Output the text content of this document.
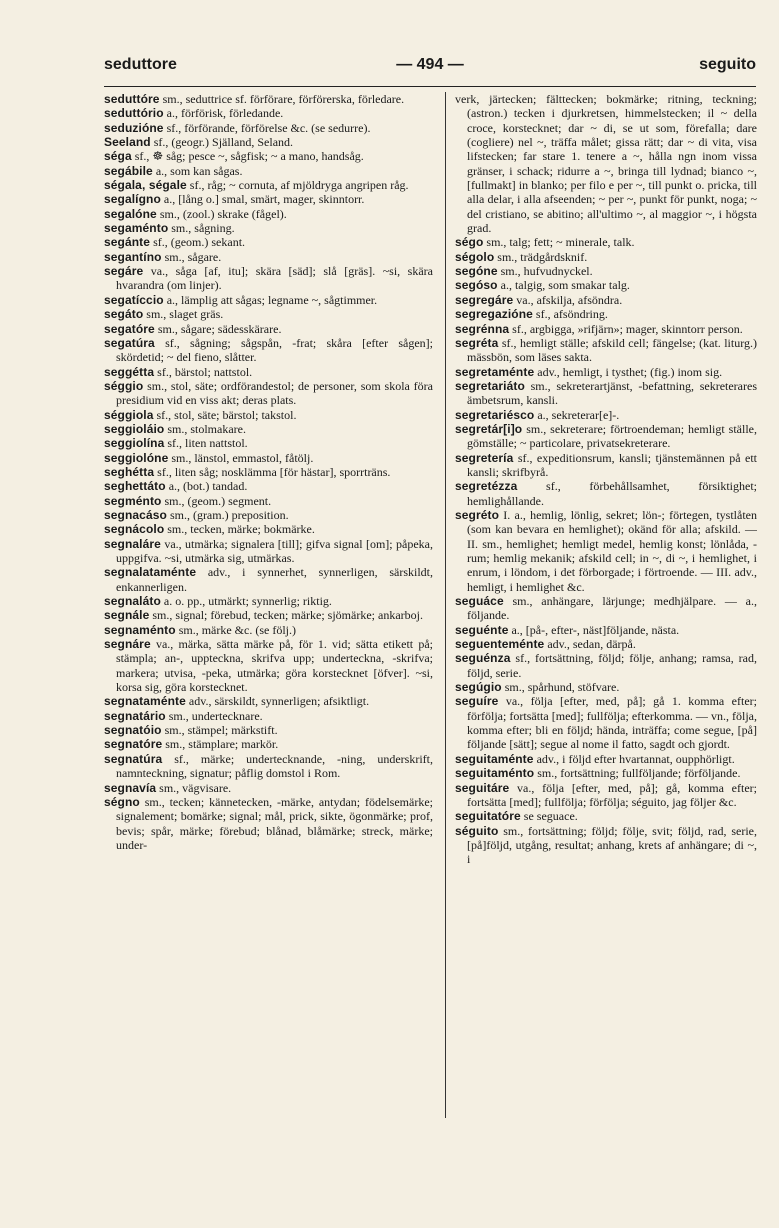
seduttore	— 494 —	seguito

seduttóre sm., seduttrice sf. förförare, förförerska, förledare.

seduttório a., förförisk, förledande.

seduzióne sf., förförande, förförelse &c. (se sedurre).

Seeland sf., (geogr.) Själland, Seland.

séga sf., ☸ såg; pesce ~, sågfisk; ~ a mano, handsåg.

segábile a., som kan sågas.

ségala, ségale sf., råg; ~ cornuta, af mjöldryga angripen råg.

segalígno a., [lång o.] smal, smärt, mager, skinntorr.

segalóne sm., (zool.) skrake (fågel).

segaménto sm., sågning.

segánte sf., (geom.) sekant.

segantíno sm., sågare.

segáre va., såga [af, itu]; skära [säd]; slå [gräs]. ~si, skära hvarandra (om linjer).

segatíccio a., lämplig att sågas; legname ~, sågtimmer.

segáto sm., slaget gräs.

segatóre sm., sågare; sädesskärare.

segatúra sf., sågning; sågspån, -frat; skåra [efter sågen]; skördetid; ~ del fieno, slåtter.

seggétta sf., bärstol; nattstol.

séggio sm., stol, säte; ordförandestol; de personer, som skola föra presidium vid en viss akt; deras plats.

séggiola sf., stol, säte; bärstol; takstol.

seggioláio sm., stolmakare.

seggiolína sf., liten nattstol.

seggiolóne sm., länstol, emmastol, fåtölj.

seghétta sf., liten såg; nosklämma [för hästar], sporrträns.

seghettáto a., (bot.) tandad.

segménto sm., (geom.) segment.

segnacáso sm., (gram.) preposition.

segnácolo sm., tecken, märke; bokmärke.

segnaláre va., utmärka; signalera [till]; gifva signal [om]; påpeka, uppgifva. ~si, utmärka sig, utmärkas.

segnalataménte adv., i synnerhet, synnerligen, särskildt, enkannerligen.

segnaláto a. o. pp., utmärkt; synnerlig; riktig.

segnále sm., signal; förebud, tecken; märke; sjömärke; ankarboj.

segnaménto sm., märke &c. (se följ.)

segnáre va., märka, sätta märke på, för 1. vid; sätta etikett på; stämpla; an-, uppteckna, skrifva upp; underteckna, -skrifva; markera; utvisa, -peka, utmärka; göra korstecknet [öfver]. ~si, korsa sig, göra korstecknet.

segnataménte adv., särskildt, synnerligen; afsiktligt.

segnatário sm., undertecknare.

segnatóio sm., stämpel; märkstift.

segnatóre sm., stämplare; markör.

segnatúra sf., märke; undertecknande, -ning, underskrift, namnteckning, signatur; påflig domstol i Rom.

segnavía sm., vägvisare.

ségno sm., tecken; kännetecken, -märke, antydan; födelsemärke; signalement; bomärke; signal; mål, prick, sikte, ögonmärke; prof, bevis; spår, märke; förebud; blånad, blåmärke; streck, märke; under-

verk, järtecken; fälttecken; bokmärke; ritning, teckning; (astron.) tecken i djurkretsen, himmelstecken; il ~ della croce, korstecknet; dar ~ di, se ut som, förefalla; dare (cogliere) nel ~, träffa målet; gissa rätt; dar ~ di vita, visa lifstecken; far stare 1. tenere a ~, hålla ngn inom vissa gränser, i schack; ridurre a ~, bringa till lydnad; bianco ~, [fullmakt] in blanko; per filo e per ~, till punkt o. pricka, till alla delar, i alla afseenden; ~ per ~, punkt för punkt, noga; ~ del cristiano, se abitino; all'ultimo ~, al maggior ~, i högsta grad.

ségo sm., talg; fett; ~ minerale, talk.

ségolo sm., trädgårdsknif.

segóne sm., hufvudnyckel.

segóso a., talgig, som smakar talg.

segregáre va., afskilja, afsöndra.

segregazióne sf., afsöndring.

segrénna sf., argbigga, »rifjärn»; mager, skinntorr person.

segréta sf., hemligt ställe; afskild cell; fängelse; (kat. liturg.) mässbön, som läses sakta.

segretaménte adv., hemligt, i tysthet; (fig.) inom sig.

segretariáto sm., sekreterartjänst, -befattning, sekreterares ämbetsrum, kansli.

segretariésco a., sekreterar[e]-.

segretár[i]o sm., sekreterare; förtroendeman; hemligt ställe, gömställe; ~ particolare, privatsekreterare.

segretería sf., expeditionsrum, kansli; tjänstemännen på ett kansli; skrifbyrå.

segretézza sf., förbehållsamhet, försiktighet; hemlighållande.

segréto I. a., hemlig, lönlig, sekret; lön-; förtegen, tystlåten (som kan bevara en hemlighet); okänd för alla; afskild. — II. sm., hemlighet; hemligt medel, hemlig konst; lönlåda, -rum; hemlig mekanik; afskild cell; in ~, di ~, i hemlighet, i enrum, i löndom, i det förborgade; i förtroende. — III. adv., hemligt, i hemlighet &c.

seguáce sm., anhängare, lärjunge; medhjälpare. — a., följande.

seguénte a., [på-, efter-, näst]följande, nästa.

seguenteménte adv., sedan, därpå.

seguénza sf., fortsättning, följd; följe, anhang; ramsa, rad, följd, serie.

segúgio sm., spårhund, stöfvare.

seguíre va., följa [efter, med, på]; gå 1. komma efter; förfölja; fortsätta [med]; fullfölja; efterkomma. — vn., följa, komma efter; bli en följd; hända, inträffa; come segue, [på] följande [sätt]; segue al nome il fatto, sagdt och gjordt.

seguitaménte adv., i följd efter hvartannat, oupphörligt.

seguitaménto sm., fortsättning; fullföljande; förföljande.

seguitáre va., följa [efter, med, på]; gå, komma efter; fortsätta [med]; fullfölja; förfölja; séguito, jag följer &c.

seguitatóre se seguace.

séguito sm., fortsättning; följd; följe, svit; följd, rad, serie, [på]följd, utgång, resultat; anhang, krets af anhängare; di ~, i
